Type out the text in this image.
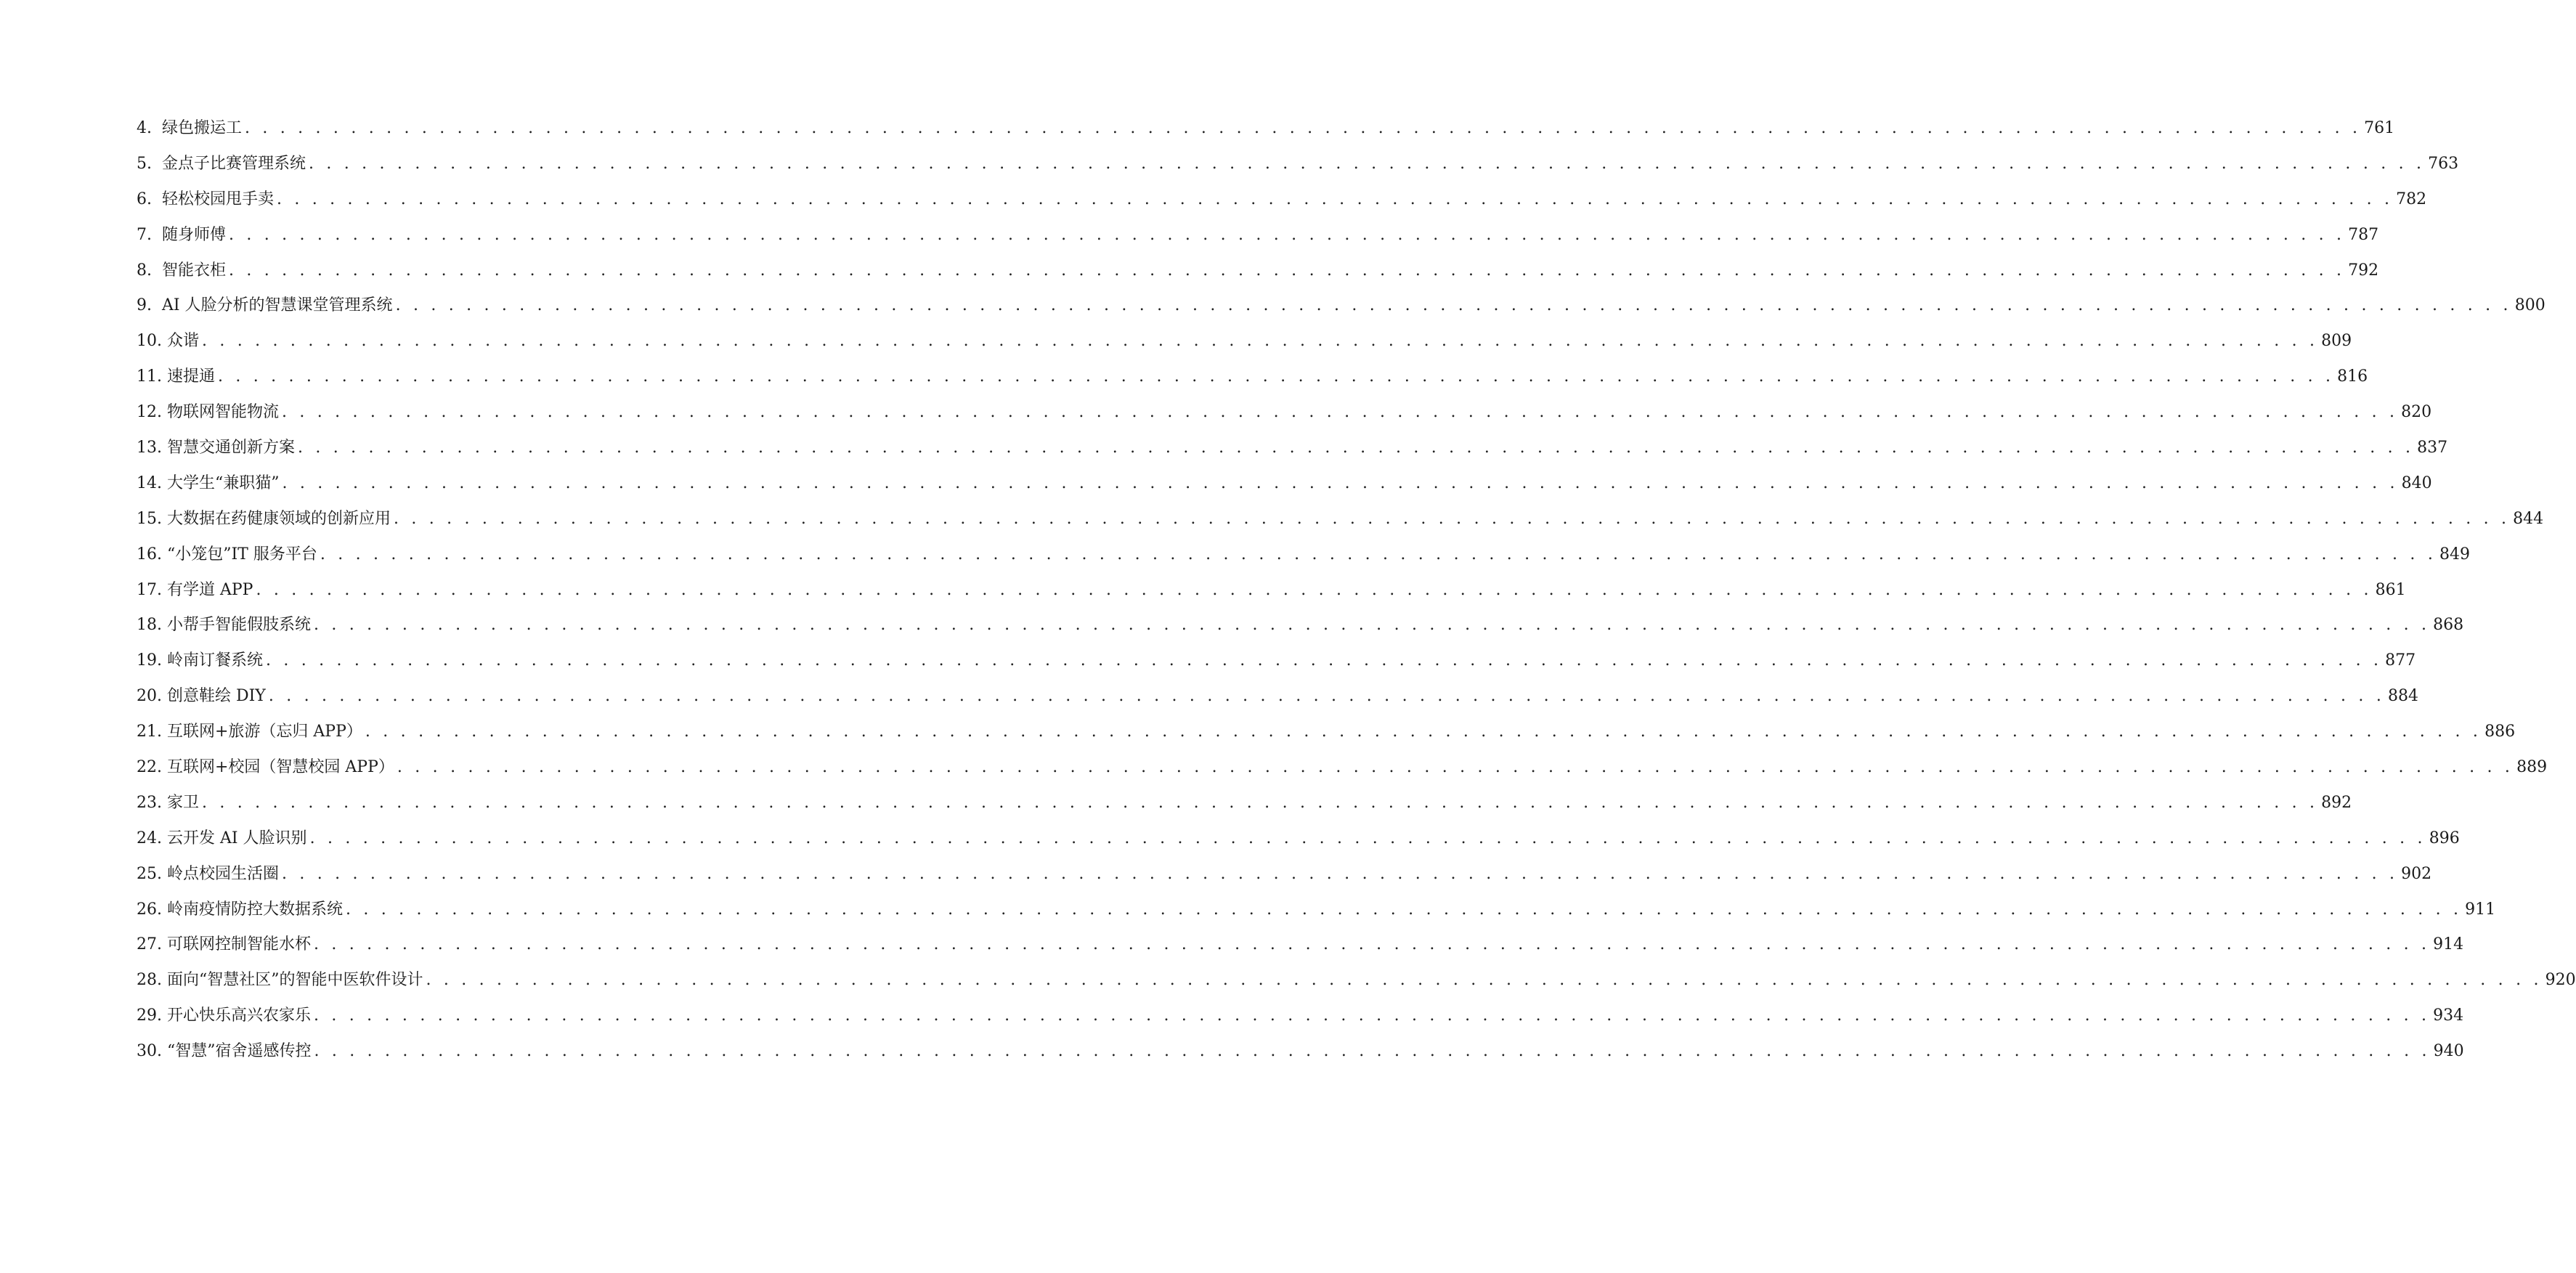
4. 绿色搬运工 . . . . . . . . . . . . . . . . . . . . . . . . . . . . . . . . . . . . . . . . . . . . . . . . . . . . . . . . . . . . . . . . . . . . . . . . . . . . . . . . . . . . . . . . . . . . . . . . . . . . . . . . . . . . . . . . . . . . . . . . 761
5. 金点子比赛管理系统 . . . . . . . . . . . . . . . . . . . . . . . . . . . . . . . . . . . . . . . . . . . . . . . . . . . . . . . . . . . . . . . . . . . . . . . . . . . . . . . . . . . . . . . . . . . . . . . . . . . . . . . . . . . . . . . . . . . . . . . . 763
6. 轻松校园甩手卖 . . . . . . . . . . . . . . . . . . . . . . . . . . . . . . . . . . . . . . . . . . . . . . . . . . . . . . . . . . . . . . . . . . . . . . . . . . . . . . . . . . . . . . . . . . . . . . . . . . . . . . . . . . . . . . . . . . . . . . . . 782
7. 随身师傅 . . . . . . . . . . . . . . . . . . . . . . . . . . . . . . . . . . . . . . . . . . . . . . . . . . . . . . . . . . . . . . . . . . . . . . . . . . . . . . . . . . . . . . . . . . . . . . . . . . . . . . . . . . . . . . . . . . . . . . . . 787
8. 智能衣柜 . . . . . . . . . . . . . . . . . . . . . . . . . . . . . . . . . . . . . . . . . . . . . . . . . . . . . . . . . . . . . . . . . . . . . . . . . . . . . . . . . . . . . . . . . . . . . . . . . . . . . . . . . . . . . . . . . . . . . . . . 792
9. AI 人脸分析的智慧课堂管理系统 . . . . . . . . . . . . . . . . . . . . . . . . . . . . . . . . . . . . . . . . . . . . . . . . . . . . . . . . . . . . . . . . . . . . . . . . . . . . . . . . . . . . . . . . . . . . . . . . . . . . . . . . . . . . . . . . . . . . . . . . 800
10. 众谐 . . . . . . . . . . . . . . . . . . . . . . . . . . . . . . . . . . . . . . . . . . . . . . . . . . . . . . . . . . . . . . . . . . . . . . . . . . . . . . . . . . . . . . . . . . . . . . . . . . . . . . . . . . . . . . . . . . . . . . . . 809
11. 速提通 . . . . . . . . . . . . . . . . . . . . . . . . . . . . . . . . . . . . . . . . . . . . . . . . . . . . . . . . . . . . . . . . . . . . . . . . . . . . . . . . . . . . . . . . . . . . . . . . . . . . . . . . . . . . . . . . . . . . . . . . 816
12. 物联网智能物流 . . . . . . . . . . . . . . . . . . . . . . . . . . . . . . . . . . . . . . . . . . . . . . . . . . . . . . . . . . . . . . . . . . . . . . . . . . . . . . . . . . . . . . . . . . . . . . . . . . . . . . . . . . . . . . . . . . . . . . . . 820
13. 智慧交通创新方案 . . . . . . . . . . . . . . . . . . . . . . . . . . . . . . . . . . . . . . . . . . . . . . . . . . . . . . . . . . . . . . . . . . . . . . . . . . . . . . . . . . . . . . . . . . . . . . . . . . . . . . . . . . . . . . . . . . . . . . . . 837
14. 大学生“兼职猫” . . . . . . . . . . . . . . . . . . . . . . . . . . . . . . . . . . . . . . . . . . . . . . . . . . . . . . . . . . . . . . . . . . . . . . . . . . . . . . . . . . . . . . . . . . . . . . . . . . . . . . . . . . . . . . . . . . . . . . . . 840
15. 大数据在药健康领域的创新应用 . . . . . . . . . . . . . . . . . . . . . . . . . . . . . . . . . . . . . . . . . . . . . . . . . . . . . . . . . . . . . . . . . . . . . . . . . . . . . . . . . . . . . . . . . . . . . . . . . . . . . . . . . . . . . . . . . . . . . . . . 844
16. “小笼包”IT 服务平台 . . . . . . . . . . . . . . . . . . . . . . . . . . . . . . . . . . . . . . . . . . . . . . . . . . . . . . . . . . . . . . . . . . . . . . . . . . . . . . . . . . . . . . . . . . . . . . . . . . . . . . . . . . . . . . . . . . . . . . . . 849
17. 有学道 APP . . . . . . . . . . . . . . . . . . . . . . . . . . . . . . . . . . . . . . . . . . . . . . . . . . . . . . . . . . . . . . . . . . . . . . . . . . . . . . . . . . . . . . . . . . . . . . . . . . . . . . . . . . . . . . . . . . . . . . . . 861
18. 小帮手智能假肢系统 . . . . . . . . . . . . . . . . . . . . . . . . . . . . . . . . . . . . . . . . . . . . . . . . . . . . . . . . . . . . . . . . . . . . . . . . . . . . . . . . . . . . . . . . . . . . . . . . . . . . . . . . . . . . . . . . . . . . . . . . 868
19. 岭南订餐系统 . . . . . . . . . . . . . . . . . . . . . . . . . . . . . . . . . . . . . . . . . . . . . . . . . . . . . . . . . . . . . . . . . . . . . . . . . . . . . . . . . . . . . . . . . . . . . . . . . . . . . . . . . . . . . . . . . . . . . . . . 877
20. 创意鞋绘 DIY . . . . . . . . . . . . . . . . . . . . . . . . . . . . . . . . . . . . . . . . . . . . . . . . . . . . . . . . . . . . . . . . . . . . . . . . . . . . . . . . . . . . . . . . . . . . . . . . . . . . . . . . . . . . . . . . . . . . . . . . 884
21. 互联网+旅游（忘归 APP） . . . . . . . . . . . . . . . . . . . . . . . . . . . . . . . . . . . . . . . . . . . . . . . . . . . . . . . . . . . . . . . . . . . . . . . . . . . . . . . . . . . . . . . . . . . . . . . . . . . . . . . . . . . . . . . . . . . . . . . . 886
22. 互联网+校园（智慧校园 APP） . . . . . . . . . . . . . . . . . . . . . . . . . . . . . . . . . . . . . . . . . . . . . . . . . . . . . . . . . . . . . . . . . . . . . . . . . . . . . . . . . . . . . . . . . . . . . . . . . . . . . . . . . . . . . . . . . . . . . . . . 889
23. 家卫 . . . . . . . . . . . . . . . . . . . . . . . . . . . . . . . . . . . . . . . . . . . . . . . . . . . . . . . . . . . . . . . . . . . . . . . . . . . . . . . . . . . . . . . . . . . . . . . . . . . . . . . . . . . . . . . . . . . . . . . . 892
24. 云开发 AI 人脸识别 . . . . . . . . . . . . . . . . . . . . . . . . . . . . . . . . . . . . . . . . . . . . . . . . . . . . . . . . . . . . . . . . . . . . . . . . . . . . . . . . . . . . . . . . . . . . . . . . . . . . . . . . . . . . . . . . . . . . . . . . 896
25. 岭点校园生活圈 . . . . . . . . . . . . . . . . . . . . . . . . . . . . . . . . . . . . . . . . . . . . . . . . . . . . . . . . . . . . . . . . . . . . . . . . . . . . . . . . . . . . . . . . . . . . . . . . . . . . . . . . . . . . . . . . . . . . . . . . 902
26. 岭南疫情防控大数据系统 . . . . . . . . . . . . . . . . . . . . . . . . . . . . . . . . . . . . . . . . . . . . . . . . . . . . . . . . . . . . . . . . . . . . . . . . . . . . . . . . . . . . . . . . . . . . . . . . . . . . . . . . . . . . . . . . . . . . . . . . 911
27. 可联网控制智能水杯 . . . . . . . . . . . . . . . . . . . . . . . . . . . . . . . . . . . . . . . . . . . . . . . . . . . . . . . . . . . . . . . . . . . . . . . . . . . . . . . . . . . . . . . . . . . . . . . . . . . . . . . . . . . . . . . . . . . . . . . . 914
28. 面向“智慧社区”的智能中医软件设计 . . . . . . . . . . . . . . . . . . . . . . . . . . . . . . . . . . . . . . . . . . . . . . . . . . . . . . . . . . . . . . . . . . . . . . . . . . . . . . . . . . . . . . . . . . . . . . . . . . . . . . . . . . . . . . . . . . . . . . . . 920
29. 开心快乐高兴农家乐 . . . . . . . . . . . . . . . . . . . . . . . . . . . . . . . . . . . . . . . . . . . . . . . . . . . . . . . . . . . . . . . . . . . . . . . . . . . . . . . . . . . . . . . . . . . . . . . . . . . . . . . . . . . . . . . . . . . . . . . . 934
30. “智慧”宿舍遥感传控 . . . . . . . . . . . . . . . . . . . . . . . . . . . . . . . . . . . . . . . . . . . . . . . . . . . . . . . . . . . . . . . . . . . . . . . . . . . . . . . . . . . . . . . . . . . . . . . . . . . . . . . . . . . . . . . . . . . . . . . . 940
